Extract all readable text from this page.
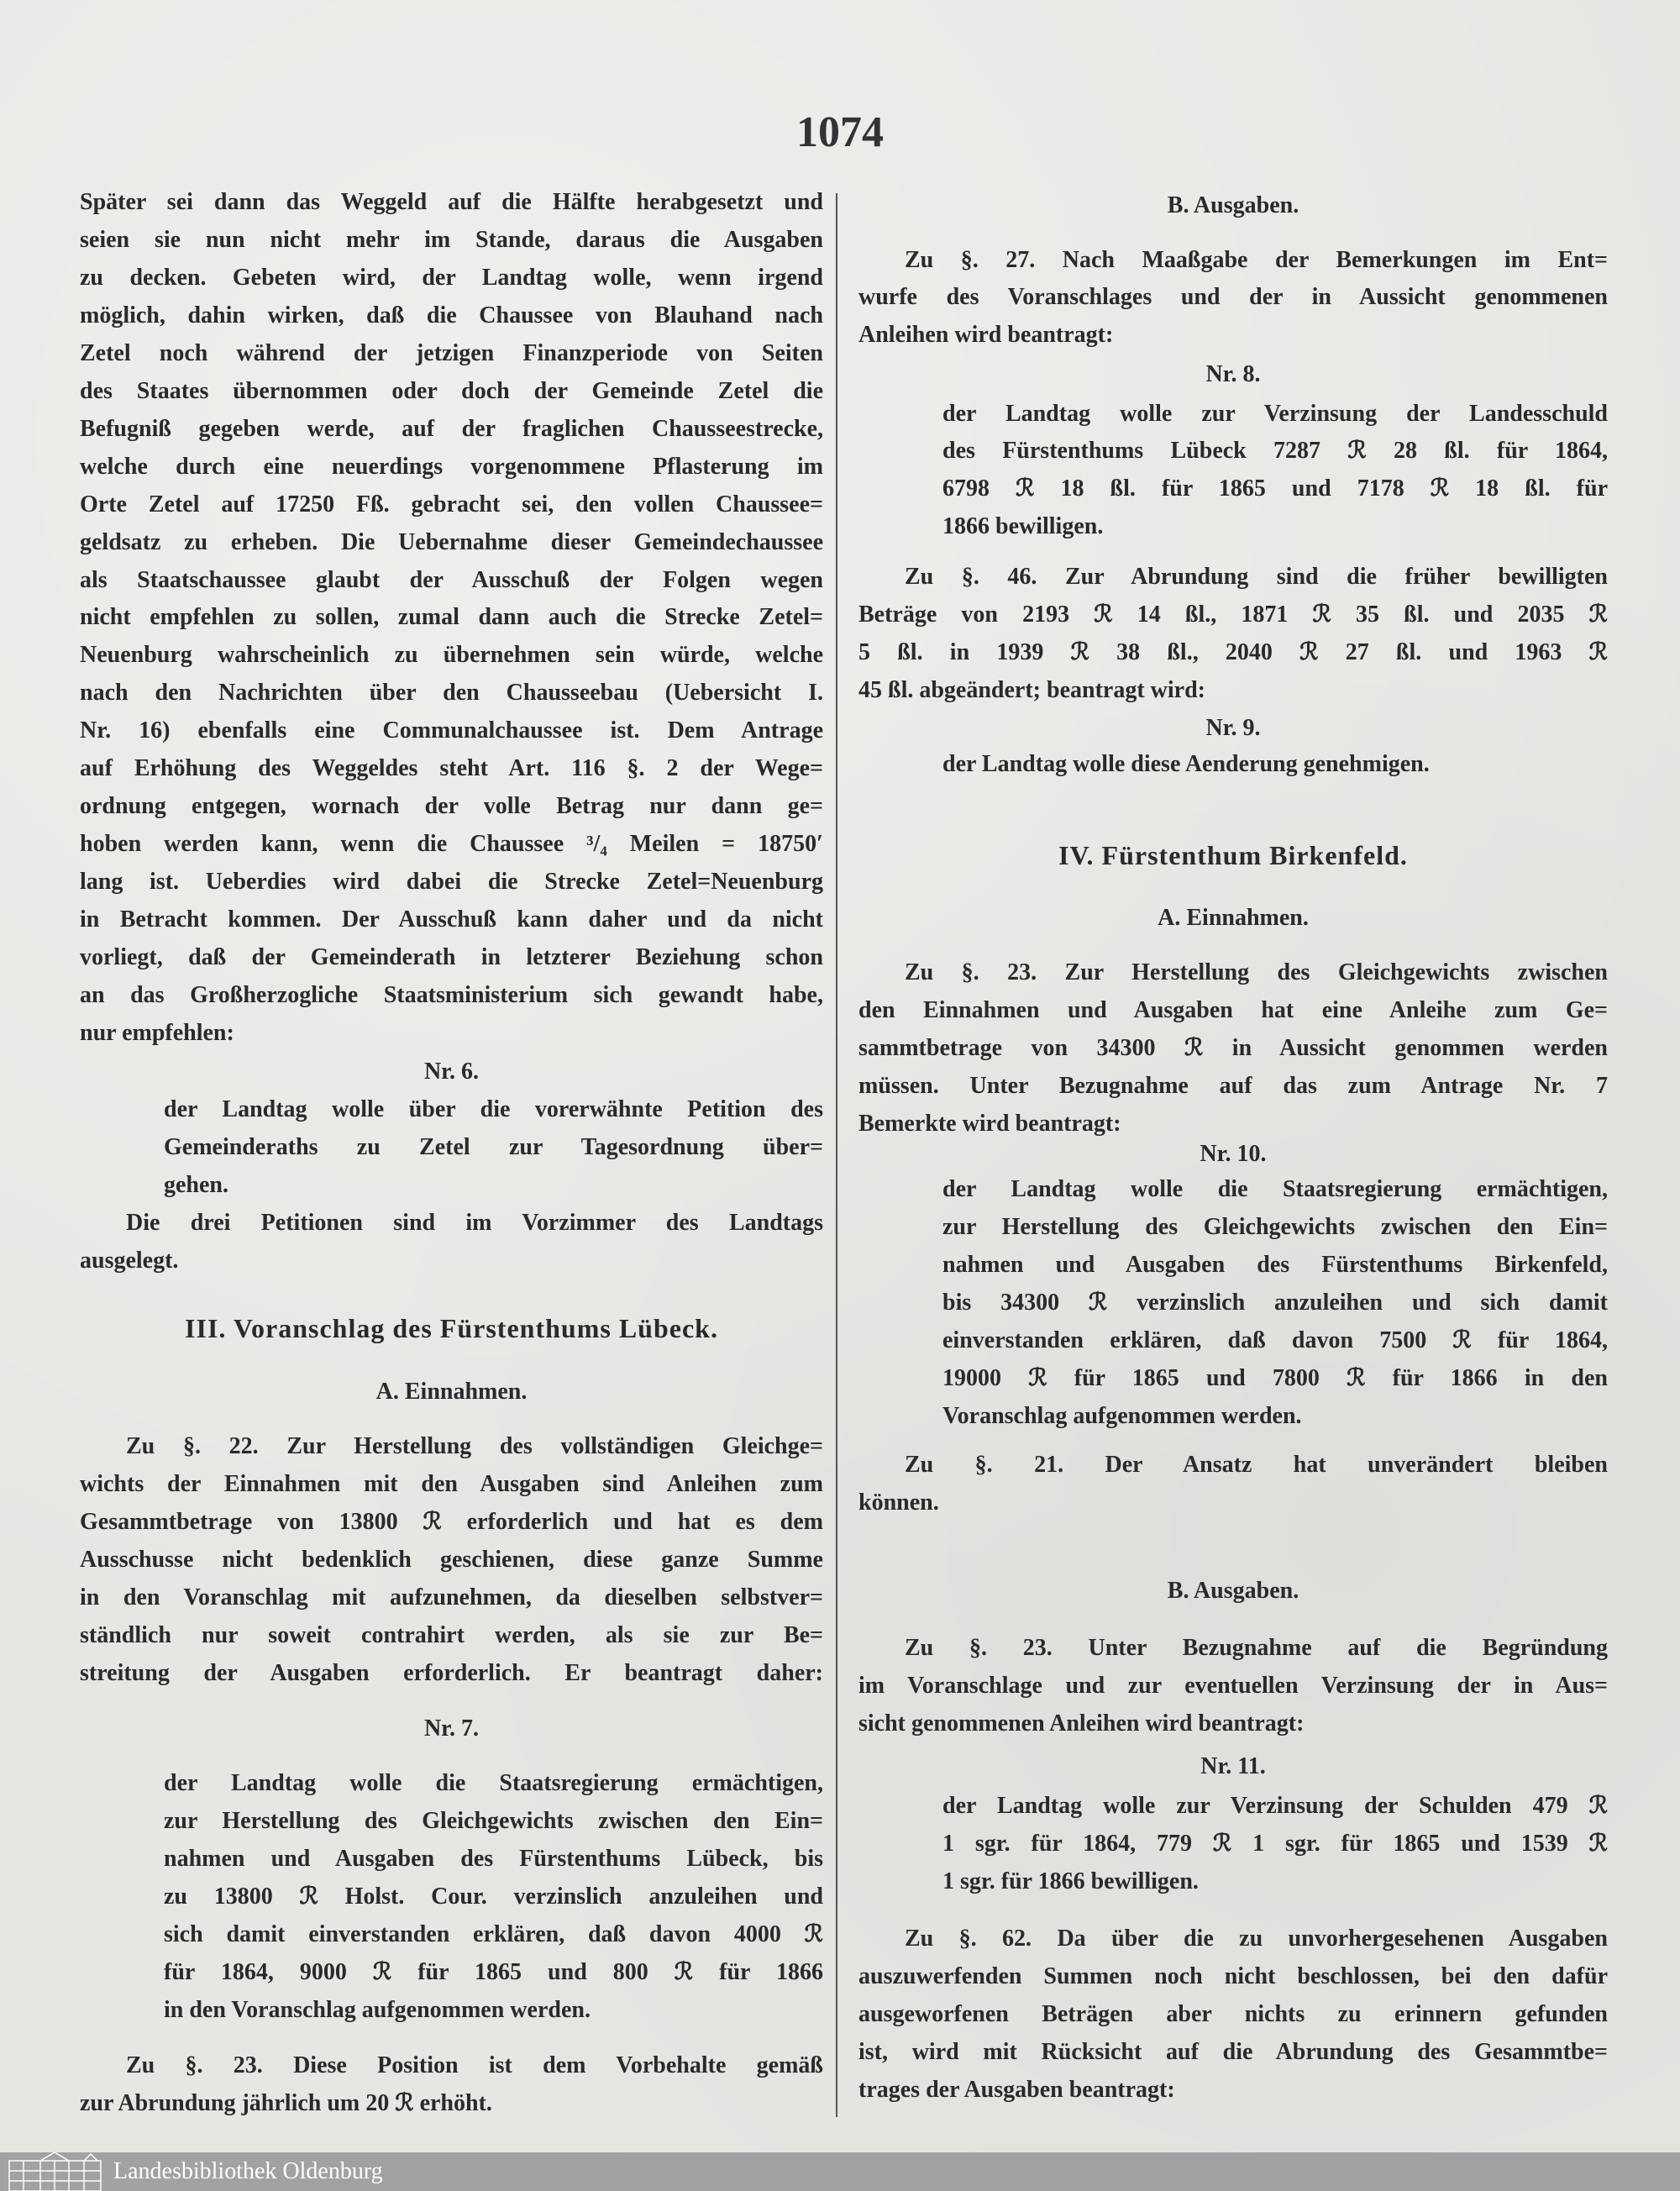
1074
Später sei dann das Weggeld auf die Hälfte herabgesetzt und
seien sie nun nicht mehr im Stande, daraus die Ausgaben
zu decken. Gebeten wird, der Landtag wolle, wenn irgend
möglich, dahin wirken, daß die Chaussee von Blauhand nach
Zetel noch während der jetzigen Finanzperiode von Seiten
des Staates übernommen oder doch der Gemeinde Zetel die
Befugniß gegeben werde, auf der fraglichen Chausseestrecke,
welche durch eine neuerdings vorgenommene Pflasterung im
Orte Zetel auf 17250 Fß. gebracht sei, den vollen Chaussee=
geldsatz zu erheben. Die Uebernahme dieser Gemeindechaussee
als Staatschaussee glaubt der Ausschuß der Folgen wegen
nicht empfehlen zu sollen, zumal dann auch die Strecke Zetel=
Neuenburg wahrscheinlich zu übernehmen sein würde, welche
nach den Nachrichten über den Chausseebau (Uebersicht I.
Nr. 16) ebenfalls eine Communalchaussee ist. Dem Antrage
auf Erhöhung des Weggeldes steht Art. 116 §. 2 der Wege=
ordnung entgegen, wornach der volle Betrag nur dann ge=
hoben werden kann, wenn die Chaussee ³/₄ Meilen = 18750′
lang ist. Ueberdies wird dabei die Strecke Zetel=Neuenburg
in Betracht kommen. Der Ausschuß kann daher und da nicht
vorliegt, daß der Gemeinderath in letzterer Beziehung schon
an das Großherzogliche Staatsministerium sich gewandt habe,
nur empfehlen:
Nr. 6.
der Landtag wolle über die vorerwähnte Petition des
Gemeinderaths zu Zetel zur Tagesordnung über=
gehen.
Die drei Petitionen sind im Vorzimmer des Landtags
ausgelegt.
III. Voranschlag des Fürstenthums Lübeck.
A. Einnahmen.
Zu §. 22. Zur Herstellung des vollständigen Gleichge=
wichts der Einnahmen mit den Ausgaben sind Anleihen zum
Gesammtbetrage von 13800 ℛ erforderlich und hat es dem
Ausschusse nicht bedenklich geschienen, diese ganze Summe
in den Voranschlag mit aufzunehmen, da dieselben selbstver=
ständlich nur soweit contrahirt werden, als sie zur Be=
streitung der Ausgaben erforderlich. Er beantragt daher:
Nr. 7.
der Landtag wolle die Staatsregierung ermächtigen,
zur Herstellung des Gleichgewichts zwischen den Ein=
nahmen und Ausgaben des Fürstenthums Lübeck, bis
zu 13800 ℛ Holst. Cour. verzinslich anzuleihen und
sich damit einverstanden erklären, daß davon 4000 ℛ
für 1864, 9000 ℛ für 1865 und 800 ℛ für 1866
in den Voranschlag aufgenommen werden.
Zu §. 23. Diese Position ist dem Vorbehalte gemäß
zur Abrundung jährlich um 20 ℛ erhöht.
B. Ausgaben.
Zu §. 27. Nach Maaßgabe der Bemerkungen im Ent=
wurfe des Voranschlages und der in Aussicht genommenen
Anleihen wird beantragt:
Nr. 8.
der Landtag wolle zur Verzinsung der Landesschuld
des Fürstenthums Lübeck 7287 ℛ 28 ßl. für 1864,
6798 ℛ 18 ßl. für 1865 und 7178 ℛ 18 ßl. für
1866 bewilligen.
Zu §. 46. Zur Abrundung sind die früher bewilligten
Beträge von 2193 ℛ 14 ßl., 1871 ℛ 35 ßl. und 2035 ℛ
5 ßl. in 1939 ℛ 38 ßl., 2040 ℛ 27 ßl. und 1963 ℛ
45 ßl. abgeändert; beantragt wird:
Nr. 9.
der Landtag wolle diese Aenderung genehmigen.
IV. Fürstenthum Birkenfeld.
A. Einnahmen.
Zu §. 23. Zur Herstellung des Gleichgewichts zwischen
den Einnahmen und Ausgaben hat eine Anleihe zum Ge=
sammtbetrage von 34300 ℛ in Aussicht genommen werden
müssen. Unter Bezugnahme auf das zum Antrage Nr. 7
Bemerkte wird beantragt:
Nr. 10.
der Landtag wolle die Staatsregierung ermächtigen,
zur Herstellung des Gleichgewichts zwischen den Ein=
nahmen und Ausgaben des Fürstenthums Birkenfeld,
bis 34300 ℛ verzinslich anzuleihen und sich damit
einverstanden erklären, daß davon 7500 ℛ für 1864,
19000 ℛ für 1865 und 7800 ℛ für 1866 in den
Voranschlag aufgenommen werden.
Zu §. 21. Der Ansatz hat unverändert bleiben
können.
B. Ausgaben.
Zu §. 23. Unter Bezugnahme auf die Begründung
im Voranschlage und zur eventuellen Verzinsung der in Aus=
sicht genommenen Anleihen wird beantragt:
Nr. 11.
der Landtag wolle zur Verzinsung der Schulden 479 ℛ
1 sgr. für 1864, 779 ℛ 1 sgr. für 1865 und 1539 ℛ
1 sgr. für 1866 bewilligen.
Zu §. 62. Da über die zu unvorhergesehenen Ausgaben
auszuwerfenden Summen noch nicht beschlossen, bei den dafür
ausgeworfenen Beträgen aber nichts zu erinnern gefunden
ist, wird mit Rücksicht auf die Abrundung des Gesammtbe=
trages der Ausgaben beantragt:
Landesbibliothek Oldenburg
